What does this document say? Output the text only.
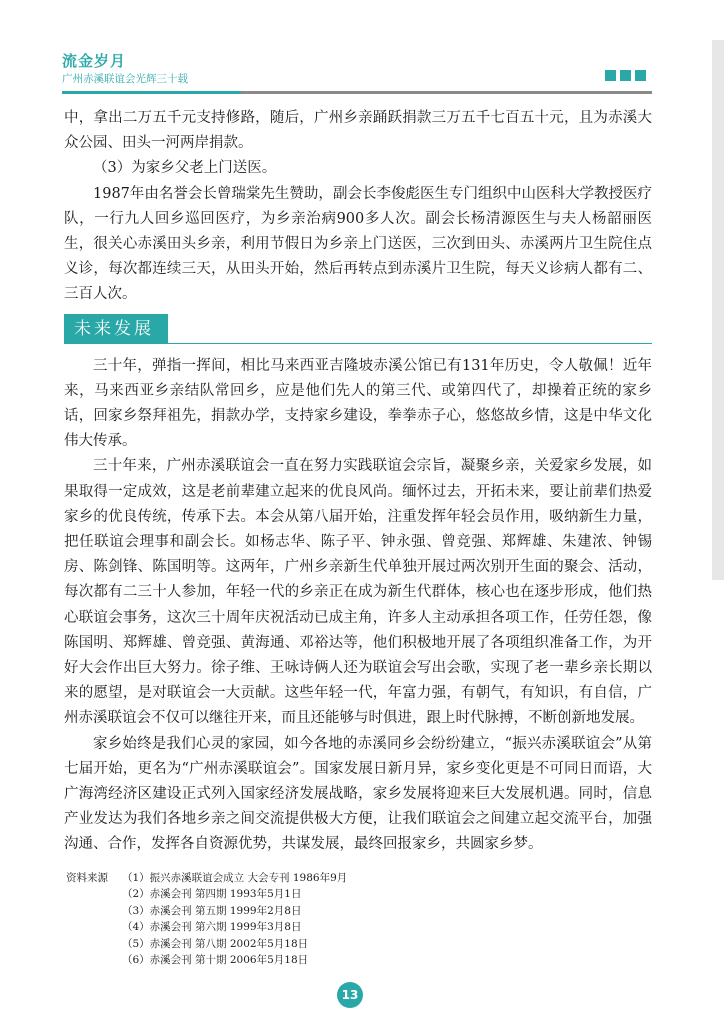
流金岁月
广州赤溪联谊会光辉三十载

中，拿出二万五千元支持修路，随后，广州乡亲踊跃捐款三万五千七百五十元，且为赤溪大众公园、田头一河两岸捐款。

（3）为家乡父老上门送医。

1987年由名誉会长曾瑞棠先生赞助，副会长李俊彪医生专门组织中山医科大学教授医疗队，一行九人回乡巡回医疗，为乡亲治病900多人次。副会长杨清源医生与夫人杨韶丽医生，很关心赤溪田头乡亲，利用节假日为乡亲上门送医，三次到田头、赤溪两片卫生院住点义诊，每次都连续三天，从田头开始，然后再转点到赤溪片卫生院，每天义诊病人都有二、三百人次。

未来发展

三十年，弹指一挥间，相比马来西亚吉隆坡赤溪公馆已有131年历史，令人敬佩！近年来，马来西亚乡亲结队常回乡，应是他们先人的第三代、或第四代了，却操着正统的家乡话，回家乡祭拜祖先，捐款办学，支持家乡建设，拳拳赤子心，悠悠故乡情，这是中华文化伟大传承。

三十年来，广州赤溪联谊会一直在努力实践联谊会宗旨，凝聚乡亲，关爱家乡发展，如果取得一定成效，这是老前辈建立起来的优良风尚。缅怀过去，开拓未来，要让前辈们热爱家乡的优良传统，传承下去。本会从第八届开始，注重发挥年轻会员作用，吸纳新生力量，把任联谊会理事和副会长。如杨志华、陈子平、钟永强、曾竞强、郑辉雄、朱建浓、钟锡房、陈剑锋、陈国明等。这两年，广州乡亲新生代单独开展过两次别开生面的聚会、活动，每次都有二三十人参加，年轻一代的乡亲正在成为新生代群体，核心也在逐步形成，他们热心联谊会事务，这次三十周年庆祝活动已成主角，许多人主动承担各项工作，任劳任怨，像陈国明、郑辉雄、曾竞强、黄海通、邓裕达等，他们积极地开展了各项组织准备工作，为开好大会作出巨大努力。徐子维、王咏诗俩人还为联谊会写出会歌，实现了老一辈乡亲长期以来的愿望，是对联谊会一大贡献。这些年轻一代，年富力强，有朝气，有知识，有自信，广州赤溪联谊会不仅可以继往开来，而且还能够与时俱进，跟上时代脉搏，不断创新地发展。

家乡始终是我们心灵的家园，如今各地的赤溪同乡会纷纷建立，“振兴赤溪联谊会”从第七届开始，更名为“广州赤溪联谊会”。国家发展日新月异，家乡变化更是不可同日而语，大广海湾经济区建设正式列入国家经济发展战略，家乡发展将迎来巨大发展机遇。同时，信息产业发达为我们各地乡亲之间交流提供极大方便，让我们联谊会之间建立起交流平台，加强沟通、合作，发挥各自资源优势，共谋发展，最终回报家乡，共圆家乡梦。

资料来源	（1）振兴赤溪联谊会成立 大会专刊 1986年9月
（2）赤溪会刊 第四期 1993年5月1日
（3）赤溪会刊 第五期 1999年2月8日
（4）赤溪会刊 第六期 1999年3月8日
（5）赤溪会刊 第八期 2002年5月18日
（6）赤溪会刊 第十期 2006年5月18日
13
